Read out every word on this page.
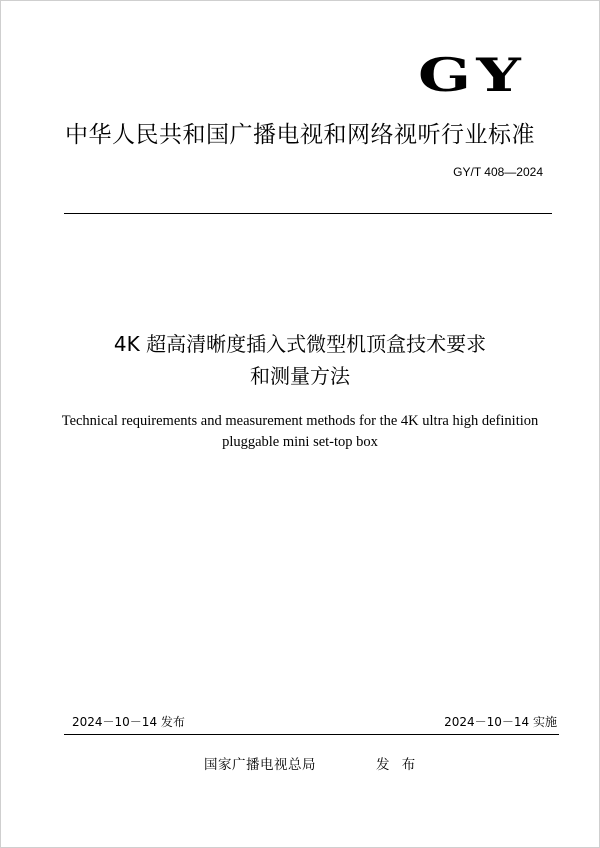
GY
中华人民共和国广播电视和网络视听行业标准
GY/T 408—2024
4K 超高清晰度插入式微型机顶盒技术要求
和测量方法
Technical requirements and measurement methods for the 4K ultra high definition
pluggable mini set-top box
2024－10－14 发布	2024－10－14 实施
国家广播电视总局	发 布
